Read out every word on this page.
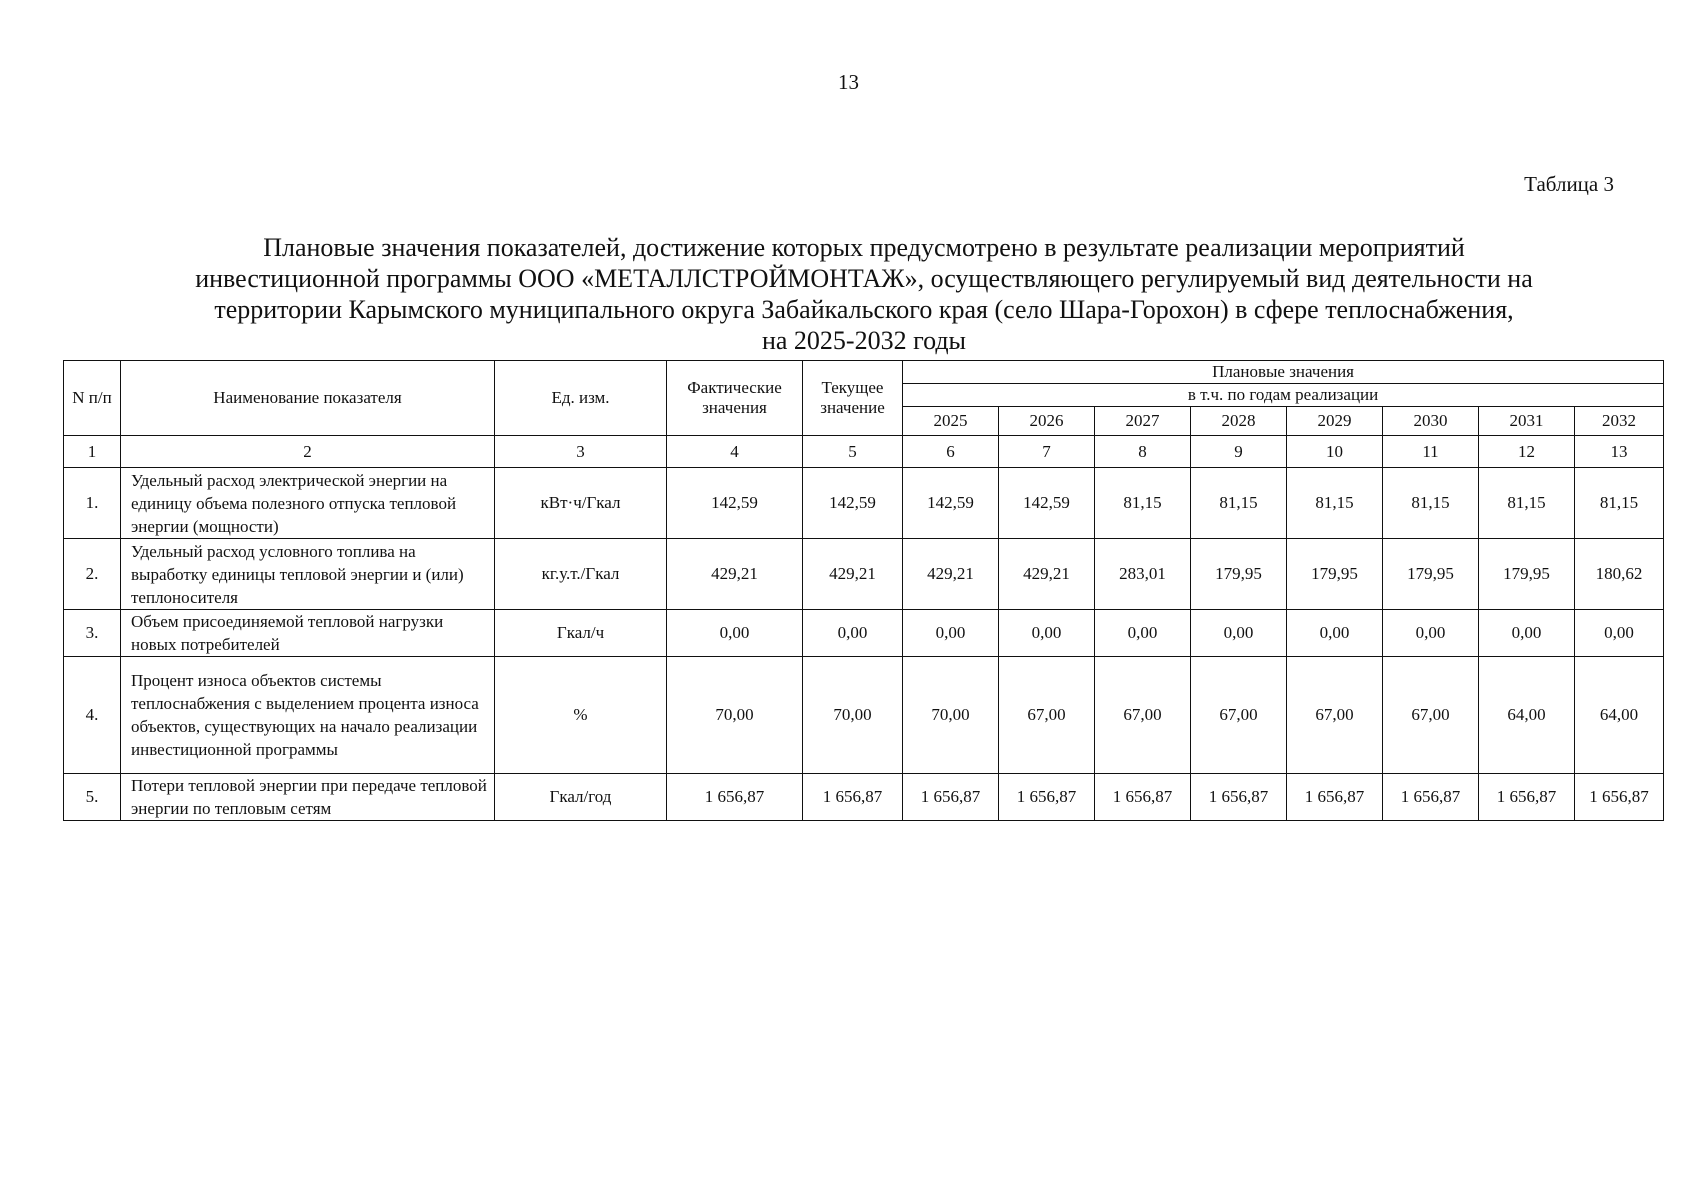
13
Таблица 3
Плановые значения показателей, достижение которых предусмотрено в результате реализации мероприятий
инвестиционной программы ООО «МЕТАЛЛСТРОЙМОНТАЖ», осуществляющего регулируемый вид деятельности на
территории Карымского муниципального округа Забайкальского края (село Шара-Горохон) в сфере теплоснабжения,
на 2025-2032 годы
N п/п	Наименование показателя	Ед. изм.	Фактические значения	Текущее значение	Плановые значения							
					в т.ч. по годам реализации							
					2025	2026	2027	2028	2029	2030	2031	2032
1	2	3	4	5	6	7	8	9	10	11	12	13
1.	Удельный расход электрической энергии на единицу объема полезного отпуска тепловой энергии (мощности)	кВт·ч/Гкал	142,59	142,59	142,59	142,59	81,15	81,15	81,15	81,15	81,15	81,15
2.	Удельный расход условного топлива на выработку единицы тепловой энергии и (или) теплоносителя	кг.у.т./Гкал	429,21	429,21	429,21	429,21	283,01	179,95	179,95	179,95	179,95	180,62
3.	Объем присоединяемой тепловой нагрузки новых потребителей	Гкал/ч	0,00	0,00	0,00	0,00	0,00	0,00	0,00	0,00	0,00	0,00
4.	Процент износа объектов системы теплоснабжения с выделением процента износа объектов, существующих на начало реализации инвестиционной программы	%	70,00	70,00	70,00	67,00	67,00	67,00	67,00	67,00	64,00	64,00
5.	Потери тепловой энергии при передаче тепловой энергии по тепловым сетям	Гкал/год	1 656,87	1 656,87	1 656,87	1 656,87	1 656,87	1 656,87	1 656,87	1 656,87	1 656,87	1 656,87
